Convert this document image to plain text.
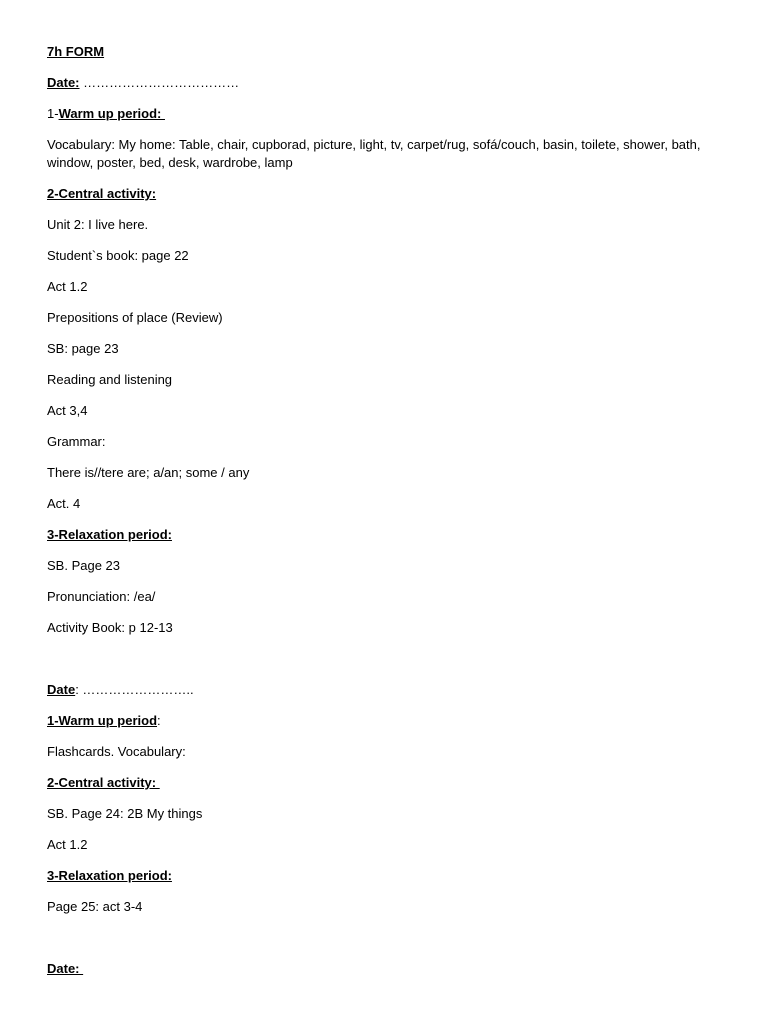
7h FORM

Date: ………………………………

1-Warm up period:

Vocabulary: My home: Table, chair, cupborad, picture, light, tv, carpet/rug, sofá/couch, basin, toilete, shower, bath, window, poster, bed, desk, wardrobe, lamp

2-Central activity:

Unit 2: I live here.

Student`s book: page 22

Act 1.2

Prepositions of place (Review)

SB: page 23

Reading and listening

Act 3,4

Grammar:

There is//tere are; a/an; some / any

Act. 4

3-Relaxation period:

SB. Page 23

Pronunciation: /ea/

Activity Book: p 12-13

Date: ……………………..

1-Warm up period:

Flashcards. Vocabulary:

2-Central activity:

SB. Page 24: 2B My things

Act 1.2

3-Relaxation period:

Page 25: act 3-4

Date:
